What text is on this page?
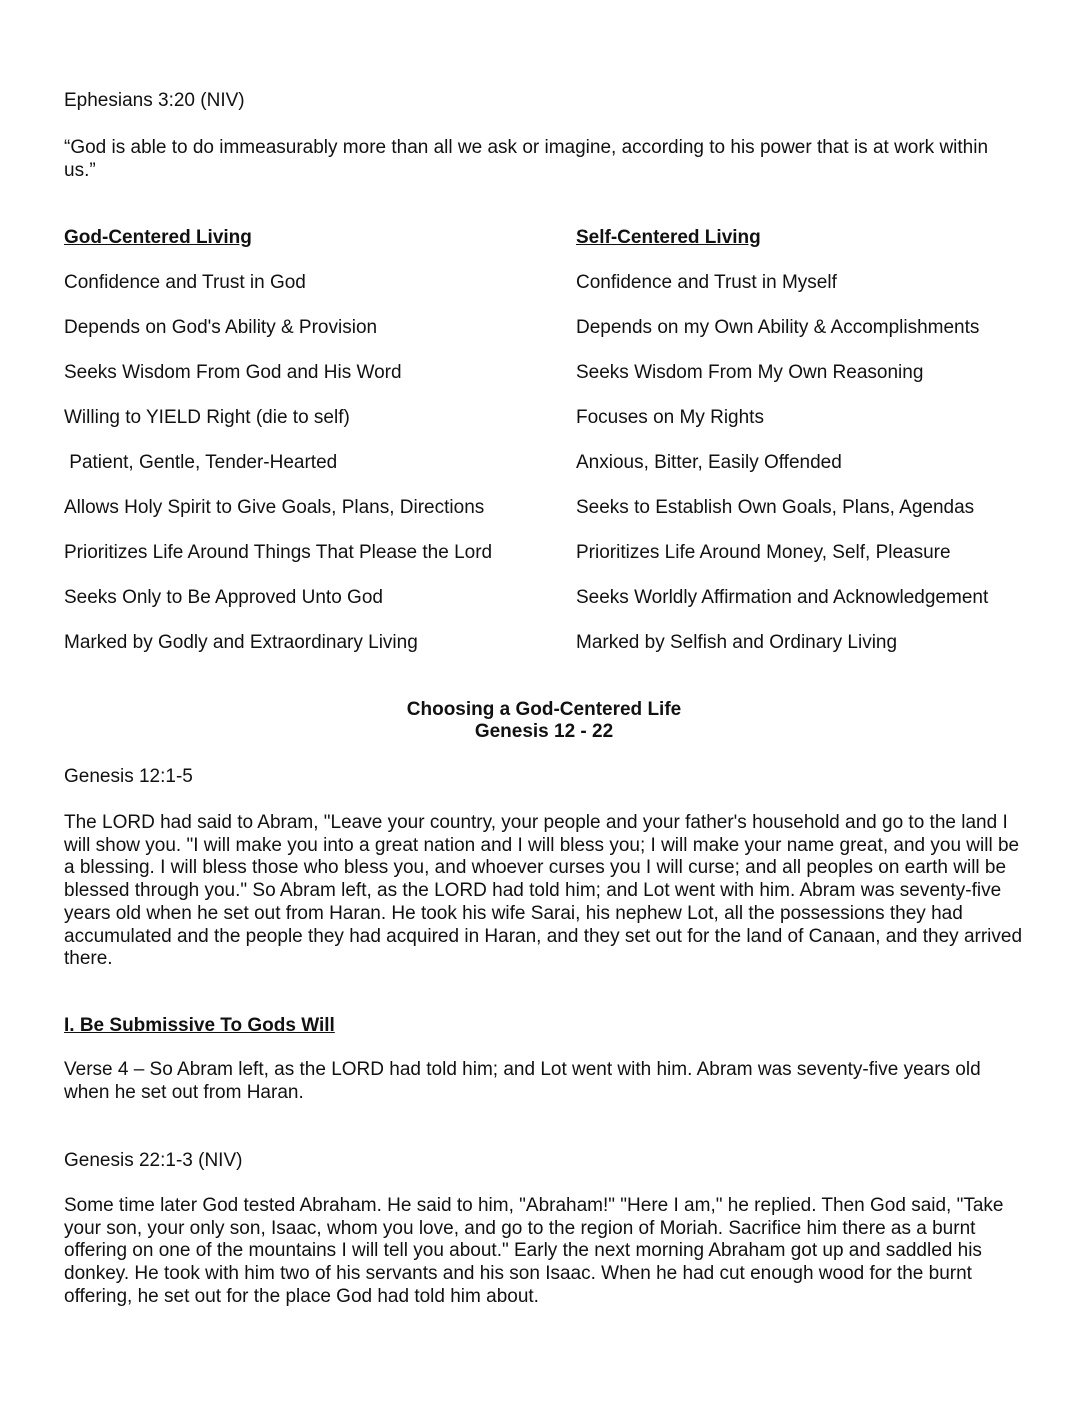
Ephesians 3:20 (NIV)

“God is able to do immeasurably more than all we ask or imagine, according to his power that is at work within us.”

God-Centered Living	Self-Centered Living

Confidence and Trust in God	Confidence and Trust in Myself
Depends on God's Ability & Provision	Depends on my Own Ability & Accomplishments
Seeks Wisdom From God and His Word	Seeks Wisdom From My Own Reasoning
Willing to YIELD Right (die to self)	Focuses on My Rights
Patient, Gentle, Tender-Hearted	Anxious, Bitter, Easily Offended
Allows Holy Spirit to Give Goals, Plans, Directions	Seeks to Establish Own Goals, Plans, Agendas
Prioritizes Life Around Things That Please the Lord	Prioritizes Life Around Money, Self, Pleasure
Seeks Only to Be Approved Unto God	Seeks Worldly Affirmation and Acknowledgement
Marked by Godly and Extraordinary Living	Marked by Selfish and Ordinary Living

Choosing a God-Centered Life

Genesis 12 - 22

Genesis 12:1-5

The LORD had said to Abram, "Leave your country, your people and your father's household and go to the land I will show you. "I will make you into a great nation and I will bless you; I will make your name great, and you will be a blessing. I will bless those who bless you, and whoever curses you I will curse; and all peoples on earth will be blessed through you." So Abram left, as the LORD had told him; and Lot went with him. Abram was seventy-five years old when he set out from Haran. He took his wife Sarai, his nephew Lot, all the possessions they had accumulated and the people they had acquired in Haran, and they set out for the land of Canaan, and they arrived there.

I. Be Submissive To Gods Will

Verse 4 – So Abram left, as the LORD had told him; and Lot went with him. Abram was seventy-five years old when he set out from Haran.

Genesis 22:1-3 (NIV)

Some time later God tested Abraham. He said to him, "Abraham!" "Here I am," he replied. Then God said, "Take your son, your only son, Isaac, whom you love, and go to the region of Moriah. Sacrifice him there as a burnt offering on one of the mountains I will tell you about." Early the next morning Abraham got up and saddled his donkey. He took with him two of his servants and his son Isaac. When he had cut enough wood for the burnt offering, he set out for the place God had told him about.
